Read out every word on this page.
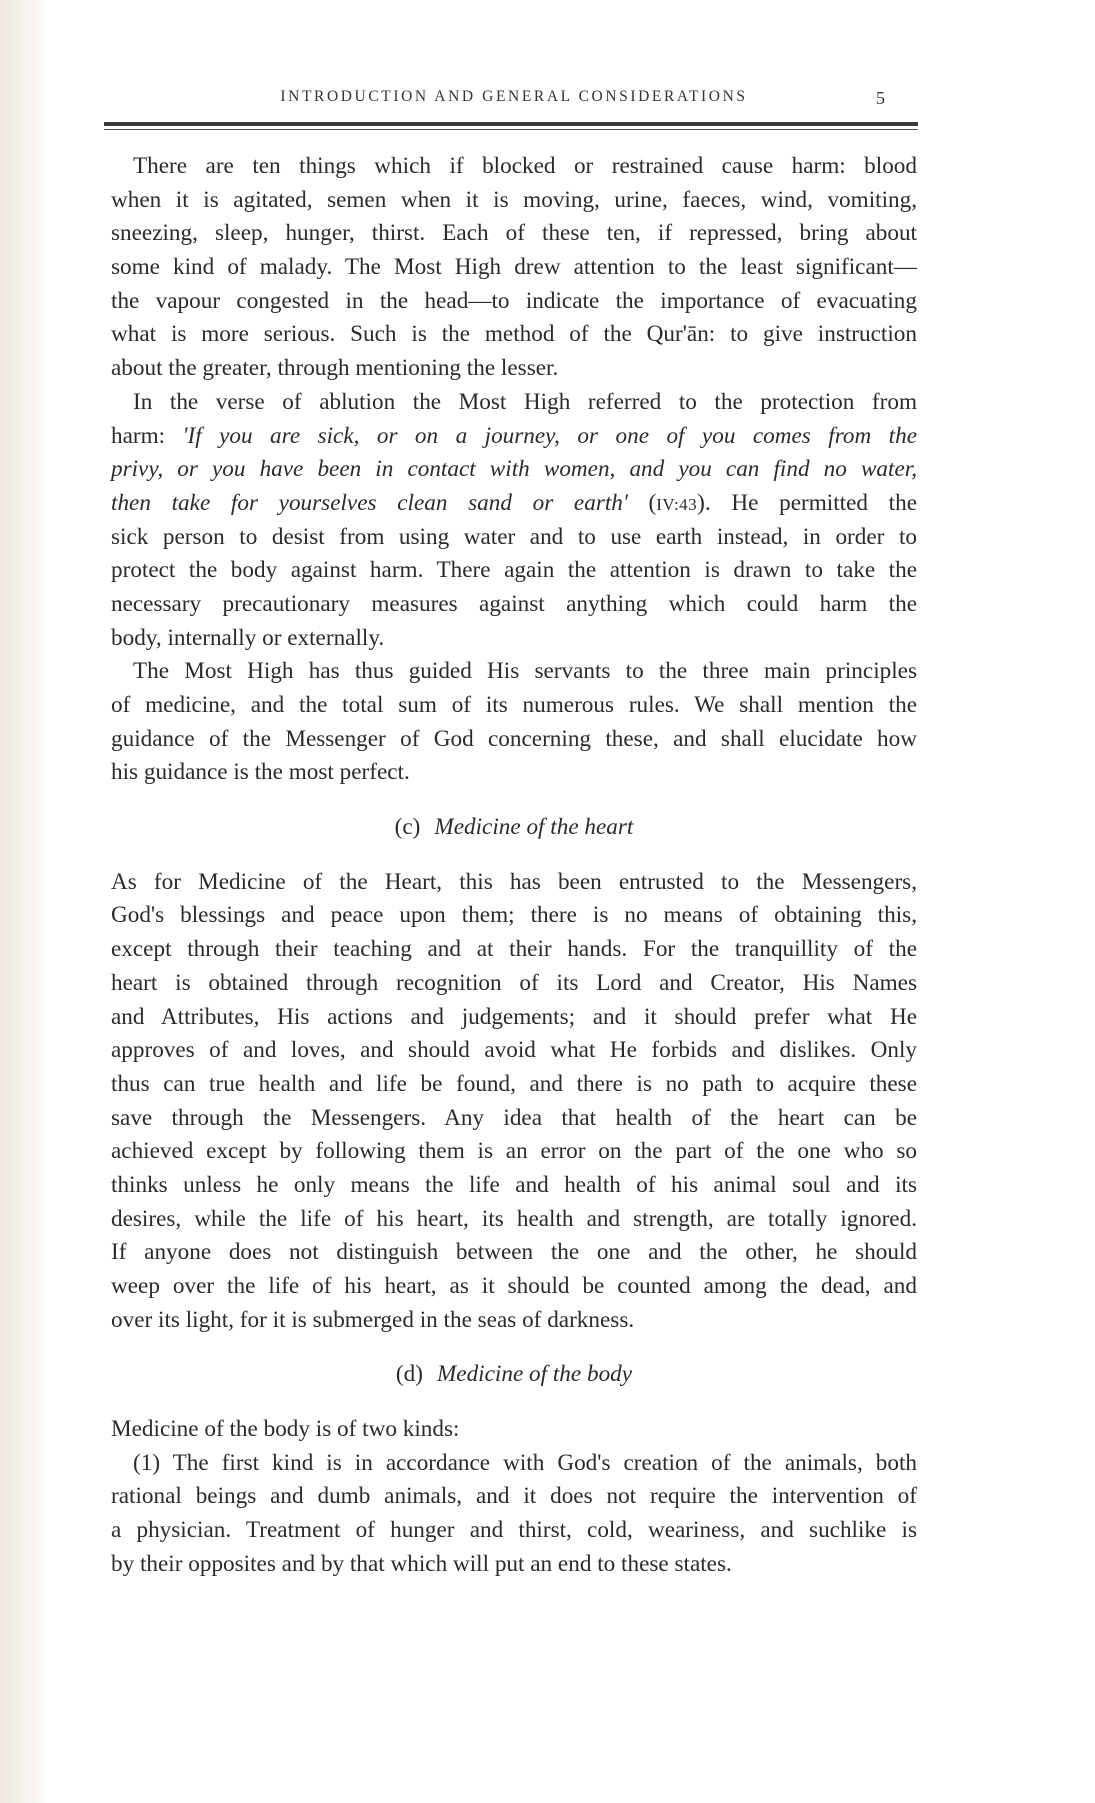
INTRODUCTION AND GENERAL CONSIDERATIONS	5
There are ten things which if blocked or restrained cause harm: blood
when it is agitated, semen when it is moving, urine, faeces, wind, vomiting,
sneezing, sleep, hunger, thirst. Each of these ten, if repressed, bring about
some kind of malady. The Most High drew attention to the least significant—
the vapour congested in the head—to indicate the importance of evacuating
what is more serious. Such is the method of the Qur'ān: to give instruction
about the greater, through mentioning the lesser.
In the verse of ablution the Most High referred to the protection from
harm: 'If you are sick, or on a journey, or one of you comes from the
privy, or you have been in contact with women, and you can find no water,
then take for yourselves clean sand or earth' (IV:43). He permitted the
sick person to desist from using water and to use earth instead, in order to
protect the body against harm. There again the attention is drawn to take the
necessary precautionary measures against anything which could harm the
body, internally or externally.
The Most High has thus guided His servants to the three main principles
of medicine, and the total sum of its numerous rules. We shall mention the
guidance of the Messenger of God concerning these, and shall elucidate how
his guidance is the most perfect.
(c) Medicine of the heart
As for Medicine of the Heart, this has been entrusted to the Messengers,
God's blessings and peace upon them; there is no means of obtaining this,
except through their teaching and at their hands. For the tranquillity of the
heart is obtained through recognition of its Lord and Creator, His Names
and Attributes, His actions and judgements; and it should prefer what He
approves of and loves, and should avoid what He forbids and dislikes. Only
thus can true health and life be found, and there is no path to acquire these
save through the Messengers. Any idea that health of the heart can be
achieved except by following them is an error on the part of the one who so
thinks unless he only means the life and health of his animal soul and its
desires, while the life of his heart, its health and strength, are totally ignored.
If anyone does not distinguish between the one and the other, he should
weep over the life of his heart, as it should be counted among the dead, and
over its light, for it is submerged in the seas of darkness.
(d) Medicine of the body
Medicine of the body is of two kinds:
(1) The first kind is in accordance with God's creation of the animals, both
rational beings and dumb animals, and it does not require the intervention of
a physician. Treatment of hunger and thirst, cold, weariness, and suchlike is
by their opposites and by that which will put an end to these states.
